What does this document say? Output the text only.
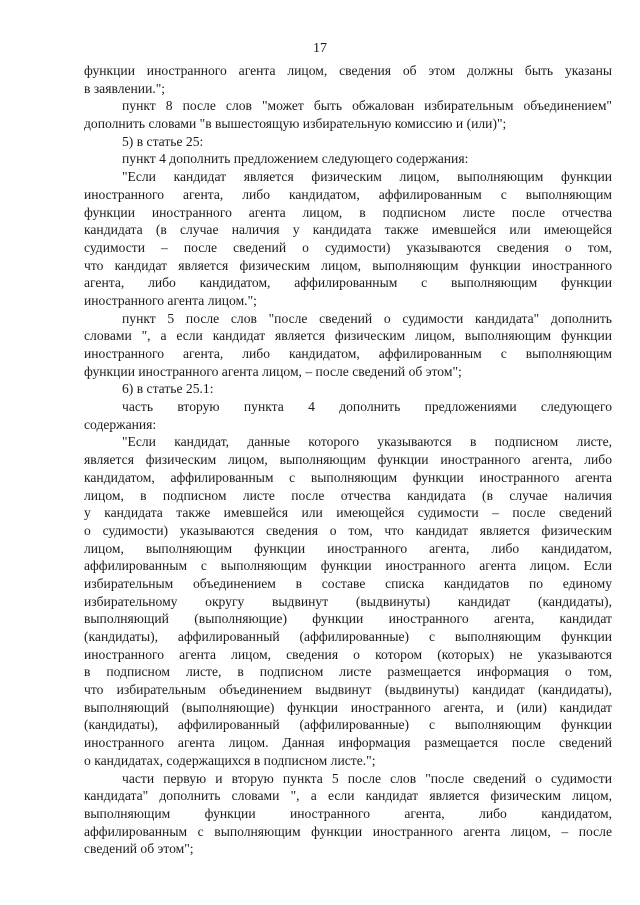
17
функции иностранного агента лицом, сведения об этом должны быть указаны
в заявлении.";
пункт 8 после слов "может быть обжалован избирательным объединением"
дополнить словами "в вышестоящую избирательную комиссию и (или)";
5) в статье 25:
пункт 4 дополнить предложением следующего содержания:
"Если кандидат является физическим лицом, выполняющим функции
иностранного агента, либо кандидатом, аффилированным с выполняющим
функции иностранного агента лицом, в подписном листе после отчества
кандидата (в случае наличия у кандидата также имевшейся или имеющейся
судимости – после сведений о судимости) указываются сведения о том,
что кандидат является физическим лицом, выполняющим функции иностранного
агента, либо кандидатом, аффилированным с выполняющим функции
иностранного агента лицом.";
пункт 5 после слов "после сведений о судимости кандидата" дополнить
словами ", а если кандидат является физическим лицом, выполняющим функции
иностранного агента, либо кандидатом, аффилированным с выполняющим
функции иностранного агента лицом, – после сведений об этом";
6) в статье 25.1:
часть вторую пункта 4 дополнить предложениями следующего
содержания:
"Если кандидат, данные которого указываются в подписном листе,
является физическим лицом, выполняющим функции иностранного агента, либо
кандидатом, аффилированным с выполняющим функции иностранного агента
лицом, в подписном листе после отчества кандидата (в случае наличия
у кандидата также имевшейся или имеющейся судимости – после сведений
о судимости) указываются сведения о том, что кандидат является физическим
лицом, выполняющим функции иностранного агента, либо кандидатом,
аффилированным с выполняющим функции иностранного агента лицом. Если
избирательным объединением в составе списка кандидатов по единому
избирательному округу выдвинут (выдвинуты) кандидат (кандидаты),
выполняющий (выполняющие) функции иностранного агента, кандидат
(кандидаты), аффилированный (аффилированные) с выполняющим функции
иностранного агента лицом, сведения о котором (которых) не указываются
в подписном листе, в подписном листе размещается информация о том,
что избирательным объединением выдвинут (выдвинуты) кандидат (кандидаты),
выполняющий (выполняющие) функции иностранного агента, и (или) кандидат
(кандидаты), аффилированный (аффилированные) с выполняющим функции
иностранного агента лицом. Данная информация размещается после сведений
о кандидатах, содержащихся в подписном листе.";
части первую и вторую пункта 5 после слов "после сведений о судимости
кандидата" дополнить словами ", а если кандидат является физическим лицом,
выполняющим функции иностранного агента, либо кандидатом,
аффилированным с выполняющим функции иностранного агента лицом, – после
сведений об этом";
